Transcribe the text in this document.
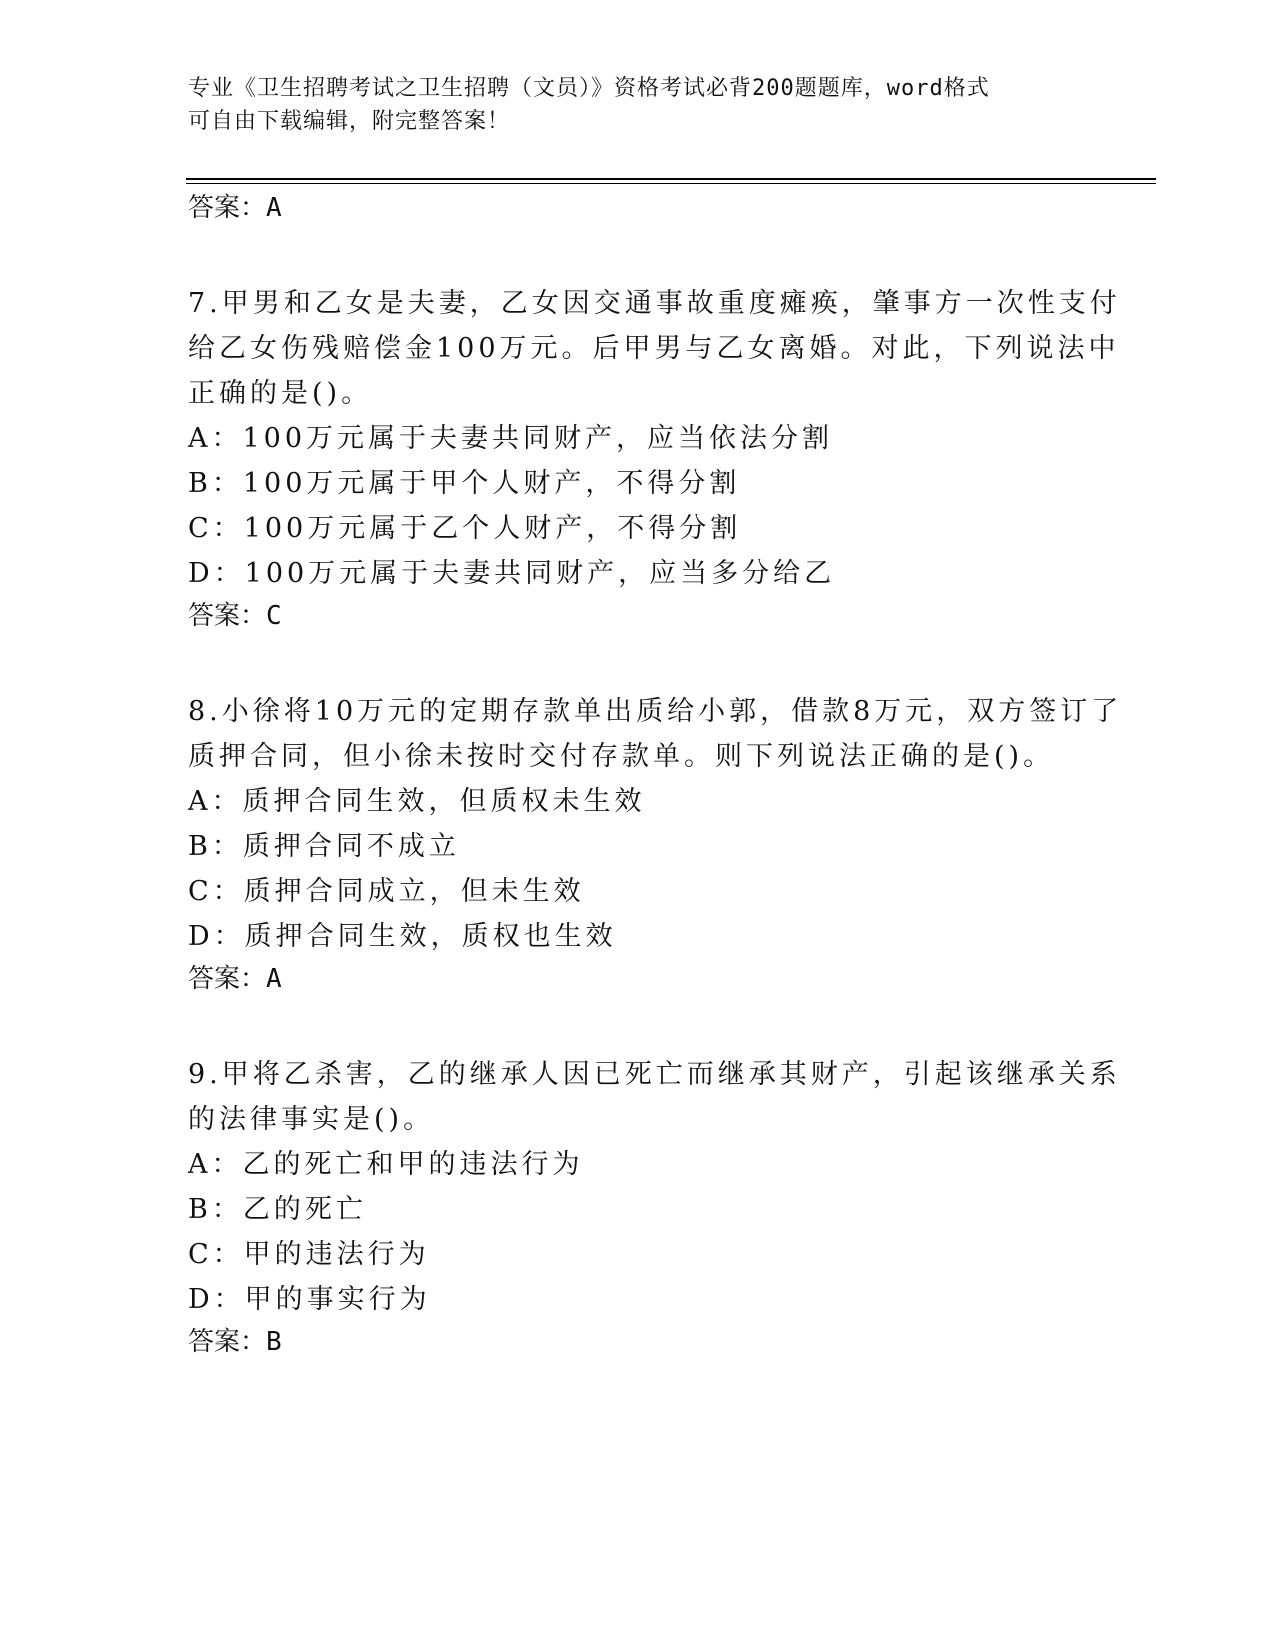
专业《卫生招聘考试之卫生招聘（文员）》资格考试必背200题题库，word格式
可自由下载编辑，附完整答案！
答案：A
7.甲男和乙女是夫妻，乙女因交通事故重度瘫痪，肇事方一次性支付
给乙女伤残赔偿金100万元。后甲男与乙女离婚。对此，下列说法中
正确的是()。
A：100万元属于夫妻共同财产，应当依法分割
B：100万元属于甲个人财产，不得分割
C：100万元属于乙个人财产，不得分割
D：100万元属于夫妻共同财产，应当多分给乙
答案：C
8.小徐将10万元的定期存款单出质给小郭，借款8万元，双方签订了
质押合同，但小徐未按时交付存款单。则下列说法正确的是()。
A：质押合同生效，但质权未生效
B：质押合同不成立
C：质押合同成立，但未生效
D：质押合同生效，质权也生效
答案：A
9.甲将乙杀害，乙的继承人因已死亡而继承其财产，引起该继承关系
的法律事实是()。
A：乙的死亡和甲的违法行为
B：乙的死亡
C：甲的违法行为
D：甲的事实行为
答案：B
